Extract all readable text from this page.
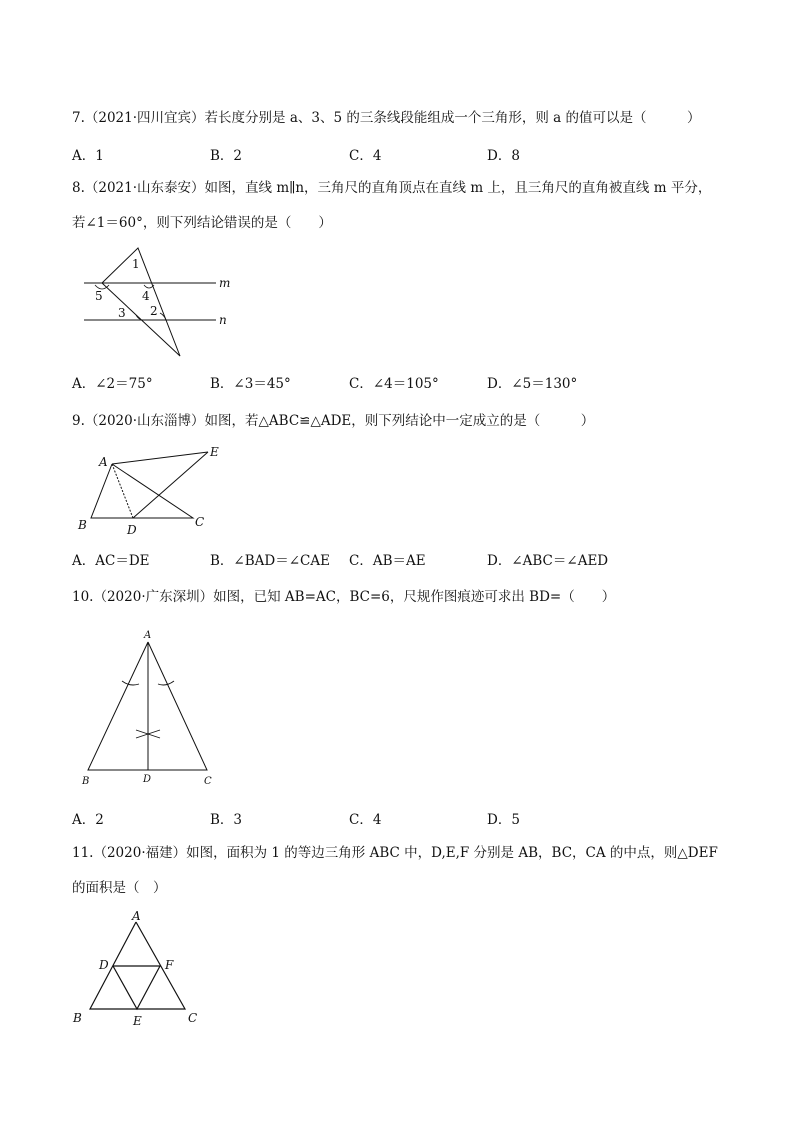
7.（2021·四川宜宾）若长度分别是 a、3、5 的三条线段能组成一个三角形，则 a 的值可以是（　　　）
A．1	B．2	C．4	D．8
8.（2021·山东泰安）如图，直线 m∥n，三角尺的直角顶点在直线 m 上，且三角尺的直角被直线 m 平分，
若∠1＝60°，则下列结论错误的是（　　）
m
n
1
4
5
3 2
A．∠2＝75°	B．∠3＝45°	C．∠4＝105°	D．∠5＝130°
9.（2020·山东淄博）如图，若△ABC≌△ADE，则下列结论中一定成立的是（　　　）
A
B	C
D
E
A．AC＝DE	B．∠BAD＝∠CAE C．AB＝AE	D．∠ABC＝∠AED
10.（2020·广东深圳）如图，已知 AB=AC，BC=6，尺规作图痕迹可求出 BD=（　　）
A
B	C
D
A．2	B．3	C．4	D．5
11.（2020·福建）如图，面积为 1 的等边三角形 ABC 中，D,E,F 分别是 AB，BC，CA 的中点，则△DEF
的面积是（　）
A
B	C
D
E
F
